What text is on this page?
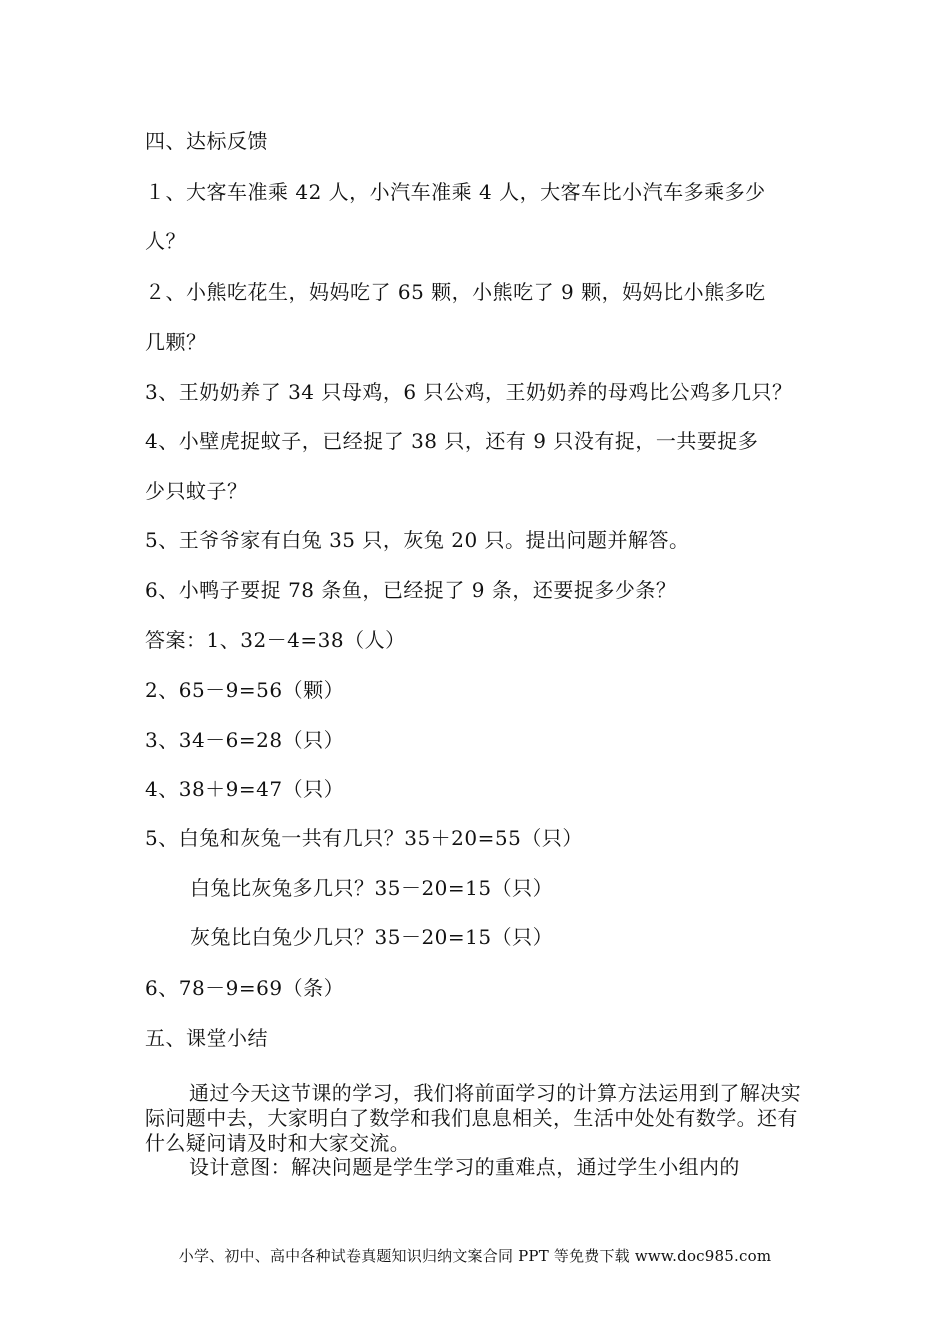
四、达标反馈
１、大客车准乘 42 人，小汽车准乘 4 人，大客车比小汽车多乘多少
人？
２、小熊吃花生，妈妈吃了 65 颗，小熊吃了 9 颗，妈妈比小熊多吃
几颗？
3、王奶奶养了 34 只母鸡，6 只公鸡，王奶奶养的母鸡比公鸡多几只？
4、小壁虎捉蚊子，已经捉了 38 只，还有 9 只没有捉，一共要捉多
少只蚊子？
5、王爷爷家有白兔 35 只，灰兔 20 只。提出问题并解答。
6、小鸭子要捉 78 条鱼，已经捉了 9 条，还要捉多少条？
答案：1、32－4=38（人）
2、65－9=56（颗）
3、34－6=28（只）
4、38＋9=47（只）
5、白兔和灰兔一共有几只？35＋20=55（只）
白兔比灰兔多几只？35－20=15（只）
灰兔比白兔少几只？35－20=15（只）
6、78－9=69（条）
五、课堂小结

通过今天这节课的学习，我们将前面学习的计算方法运用到了解决实际问题中去，大家明白了数学和我们息息相关，生活中处处有数学。还有什么疑问请及时和大家交流。

设计意图：解决问题是学生学习的重难点，通过学生小组内的

小学、初中、高中各种试卷真题知识归纳文案合同 PPT 等免费下载 www.doc985.com
